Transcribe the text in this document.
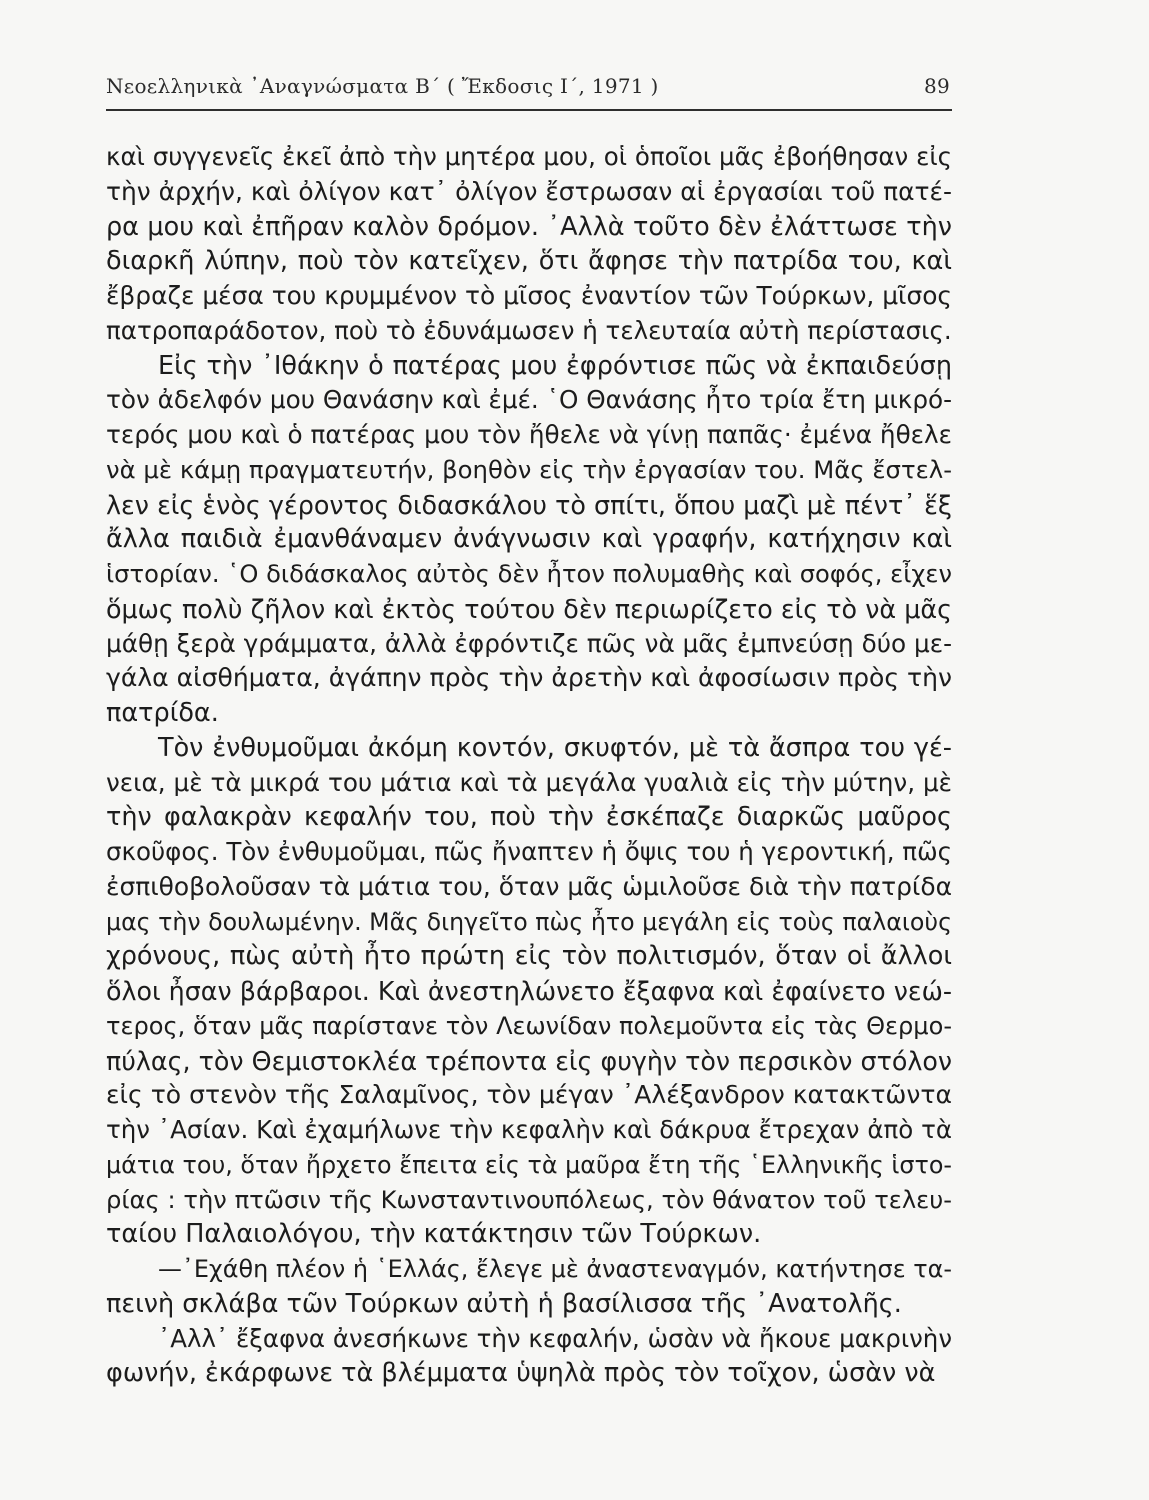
Νεοελληνικὰ ᾿Αναγνώσματα Β΄ ( Ἔκδοσις Ι΄, 1971 )	89
καὶ συγγενεῖς ἐκεῖ ἀπὸ τὴν μητέρα μου, οἱ ὁποῖοι μᾶς ἐβοήθησαν εἰς
τὴν ἀρχήν, καὶ ὀλίγον κατ᾿ ὀλίγον ἔστρωσαν αἱ ἐργασίαι τοῦ πατέ-
ρα μου καὶ ἐπῆραν καλὸν δρόμον. ᾿Αλλὰ τοῦτο δὲν ἐλάττωσε τὴν
διαρκῆ λύπην, ποὺ τὸν κατεῖχεν, ὅτι ἄφησε τὴν πατρίδα του, καὶ
ἔβραζε μέσα του κρυμμένον τὸ μῖσος ἐναντίον τῶν Τούρκων, μῖσος
πατροπαράδοτον, ποὺ τὸ ἐδυνάμωσεν ἡ τελευταία αὐτὴ περίστασις.
Εἰς τὴν ᾿Ιθάκην ὁ πατέρας μου ἐφρόντισε πῶς νὰ ἐκπαιδεύσῃ
τὸν ἀδελφόν μου Θανάσην καὶ ἐμέ. ῾Ο Θανάσης ἦτο τρία ἔτη μικρό-
τερός μου καὶ ὁ πατέρας μου τὸν ἤθελε νὰ γίνῃ παπᾶς· ἐμένα ἤθελε
νὰ μὲ κάμῃ πραγματευτήν, βοηθὸν εἰς τὴν ἐργασίαν του. Μᾶς ἔστελ-
λεν εἰς ἑνὸς γέροντος διδασκάλου τὸ σπίτι, ὅπου μαζὶ μὲ πέντ᾿ ἕξ
ἄλλα παιδιὰ ἐμανθάναμεν ἀνάγνωσιν καὶ γραφήν, κατήχησιν καὶ
ἱστορίαν. ῾Ο διδάσκαλος αὐτὸς δὲν ἦτον πολυμαθὴς καὶ σοφός, εἶχεν
ὅμως πολὺ ζῆλον καὶ ἐκτὸς τούτου δὲν περιωρίζετο εἰς τὸ νὰ μᾶς
μάθῃ ξερὰ γράμματα, ἀλλὰ ἐφρόντιζε πῶς νὰ μᾶς ἐμπνεύσῃ δύο με-
γάλα αἰσθήματα, ἀγάπην πρὸς τὴν ἀρετὴν καὶ ἀφοσίωσιν πρὸς τὴν
πατρίδα.
Τὸν ἐνθυμοῦμαι ἀκόμη κοντόν, σκυφτόν, μὲ τὰ ἄσπρα του γέ-
νεια, μὲ τὰ μικρά του μάτια καὶ τὰ μεγάλα γυαλιὰ εἰς τὴν μύτην, μὲ
τὴν φαλακρὰν κεφαλήν του, ποὺ τὴν ἐσκέπαζε διαρκῶς μαῦρος
σκοῦφος. Τὸν ἐνθυμοῦμαι, πῶς ἤναπτεν ἡ ὄψις του ἡ γεροντική, πῶς
ἐσπιθοβολοῦσαν τὰ μάτια του, ὅταν μᾶς ὡμιλοῦσε διὰ τὴν πατρίδα
μας τὴν δουλωμένην. Μᾶς διηγεῖτο πὼς ἦτο μεγάλη εἰς τοὺς παλαιοὺς
χρόνους, πὼς αὐτὴ ἦτο πρώτη εἰς τὸν πολιτισμόν, ὅταν οἱ ἄλλοι
ὅλοι ἦσαν βάρβαροι. Καὶ ἀνεστηλώνετο ἔξαφνα καὶ ἐφαίνετο νεώ-
τερος, ὅταν μᾶς παρίστανε τὸν Λεωνίδαν πολεμοῦντα εἰς τὰς Θερμο-
πύλας, τὸν Θεμιστοκλέα τρέποντα εἰς φυγὴν τὸν περσικὸν στόλον
εἰς τὸ στενὸν τῆς Σαλαμῖνος, τὸν μέγαν ᾿Αλέξανδρον κατακτῶντα
τὴν ᾿Ασίαν. Καὶ ἐχαμήλωνε τὴν κεφαλὴν καὶ δάκρυα ἔτρεχαν ἀπὸ τὰ
μάτια του, ὅταν ἤρχετο ἔπειτα εἰς τὰ μαῦρα ἔτη τῆς ῾Ελληνικῆς ἱστο-
ρίας : τὴν πτῶσιν τῆς Κωνσταντινουπόλεως, τὸν θάνατον τοῦ τελευ-
ταίου Παλαιολόγου, τὴν κατάκτησιν τῶν Τούρκων.
—᾿Εχάθη πλέον ἡ ῾Ελλάς, ἔλεγε μὲ ἀναστεναγμόν, κατήντησε τα-
πεινὴ σκλάβα τῶν Τούρκων αὐτὴ ἡ βασίλισσα τῆς ᾿Ανατολῆς.
᾿Αλλ᾿ ἔξαφνα ἀνεσήκωνε τὴν κεφαλήν, ὡσὰν νὰ ἤκουε μακρινὴν
φωνήν, ἐκάρφωνε τὰ βλέμματα ὑψηλὰ πρὸς τὸν τοῖχον, ὡσὰν νὰ
